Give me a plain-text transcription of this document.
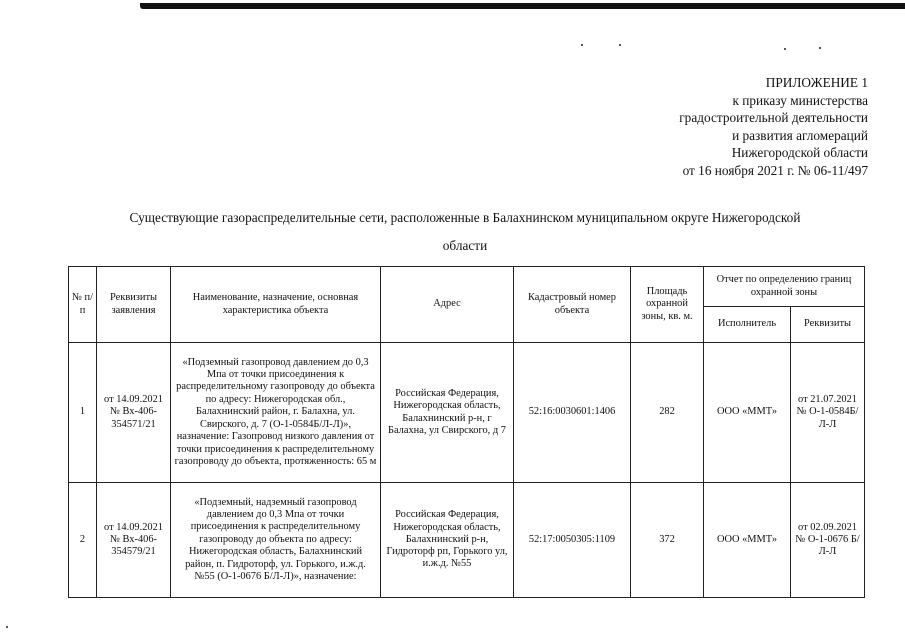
ПРИЛОЖЕНИЕ 1
к приказу министерства
градостроительной деятельности
и развития агломераций
Нижегородской области
от 16 ноября 2021 г. № 06-11/497
Существующие газораспределительные сети, расположенные в Балахнинском муниципальном округе Нижегородской
области
№ п/п	Реквизиты заявления	Наименование, назначение, основная характеристика объекта	Адрес	Кадастровый номер объекта	Площадь охранной зоны, кв. м.	Отчет по определению границ охранной зоны	
						Исполнитель	Реквизиты
1	от 14.09.2021 № Вх-406-354571/21	«Подземный газопровод давлением до 0,3 Мпа от точки присоединения к распределительному газопроводу до объекта по адресу: Нижегородская обл., Балахнинский район, г. Балахна, ул. Свирского, д. 7 (О-1-0584Б/Л-Л)», назначение: Газопровод низкого давления от точки присоединения к распределительному газопроводу до объекта, протяженность: 65 м	Российская Федерация, Нижегородская область, Балахнинский р-н, г Балахна, ул Свирского, д 7	52:16:0030601:1406	282	ООО «ММТ»	от 21.07.2021 № О-1-0584Б/Л-Л
2	от 14.09.2021 № Вх-406-354579/21	«Подземный, надземный газопровод давлением до 0,3 Мпа от точки присоединения к распределительному газопроводу до объекта по адресу: Нижегородская область, Балахнинский район, п. Гидроторф, ул. Горького, и.ж.д. №55 (О-1-0676 Б/Л-Л)», назначение:	Российская Федерация, Нижегородская область, Балахнинский р-н, Гидроторф рп, Горького ул, и.ж.д. №55	52:17:0050305:1109	372	ООО «ММТ»	от 02.09.2021 № О-1-0676 Б/Л-Л
